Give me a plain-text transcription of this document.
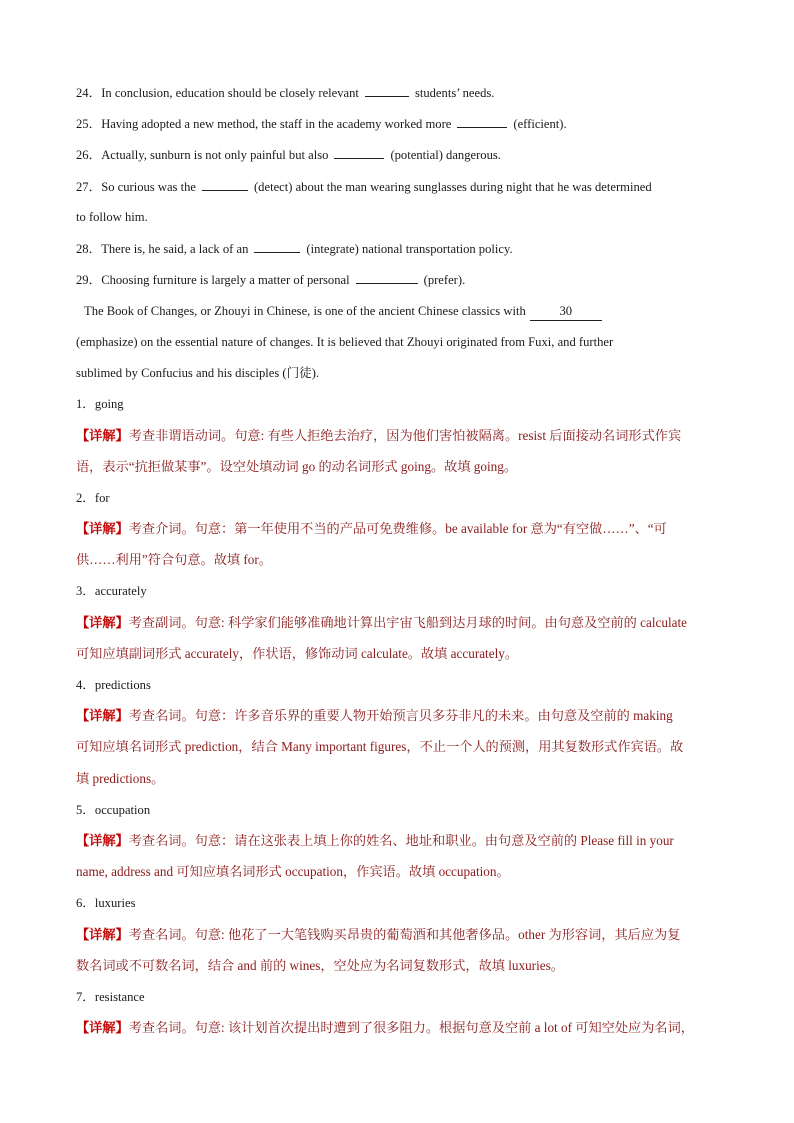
24．In conclusion, education should be closely relevant	students’ needs.
25．Having adopted a new method, the staff in the academy worked more	(efficient).
26．Actually, sunburn is not only painful but also	(potential) dangerous.
27．So curious was the	(detect) about the man wearing sunglasses during night that he was determined
to follow him.
28．There is, he said, a lack of an	(integrate) national transportation policy.
29．Choosing furniture is largely a matter of personal	(prefer).
The Book of Changes, or Zhouyi in Chinese, is one of the ancient Chinese classics with	30
(emphasize) on the essential nature of changes. It is believed that Zhouyi originated from Fuxi, and further
sublimed by Confucius and his disciples (门徒).
1．going
【详解】考查非谓语动词。句意: 有些人拒绝去治疗，因为他们害怕被隔离。resist 后面接动名词形式作宾
语，表示“抗拒做某事”。设空处填动词 go 的动名词形式 going。故填 going。
2．for
【详解】考查介词。句意：第一年使用不当的产品可免费维修。be available for 意为“有空做……”、“可
供……利用”符合句意。故填 for。
3．accurately
【详解】考查副词。句意: 科学家们能够准确地计算出宇宙飞船到达月球的时间。由句意及空前的 calculate
可知应填副词形式 accurately，作状语，修饰动词 calculate。故填 accurately。
4．predictions
【详解】考查名词。句意：许多音乐界的重要人物开始预言贝多芬非凡的未来。由句意及空前的 making
可知应填名词形式 prediction，结合 Many important figures，不止一个人的预测，用其复数形式作宾语。故
填 predictions。
5．occupation
【详解】考查名词。句意：请在这张表上填上你的姓名、地址和职业。由句意及空前的 Please fill in your
name, address and 可知应填名词形式 occupation，作宾语。故填 occupation。
6．luxuries
【详解】考查名词。句意: 他花了一大笔钱购买昂贵的葡萄酒和其他奢侈品。other 为形容词，其后应为复
数名词或不可数名词，结合 and 前的 wines，空处应为名词复数形式，故填 luxuries。
7．resistance
【详解】考查名词。句意: 该计划首次提出时遭到了很多阻力。根据句意及空前 a lot of 可知空处应为名词，
